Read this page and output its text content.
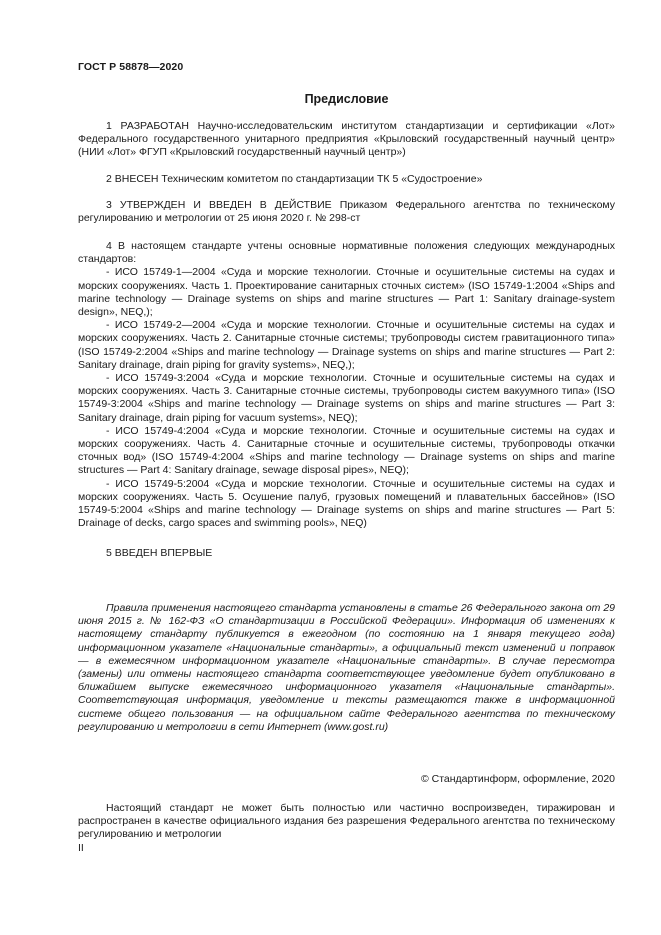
ГОСТ Р 58878—2020
Предисловие

1 РАЗРАБОТАН Научно-исследовательским институтом стандартизации и сертификации «Лот» Федерального государственного унитарного предприятия «Крыловский государственный научный центр» (НИИ «Лот» ФГУП «Крыловский государственный научный центр»)

2 ВНЕСЕН Техническим комитетом по стандартизации ТК 5 «Судостроение»

3 УТВЕРЖДЕН И ВВЕДЕН В ДЕЙСТВИЕ Приказом Федерального агентства по техническому регулированию и метрологии от 25 июня 2020 г. № 298-ст

4 В настоящем стандарте учтены основные нормативные положения следующих международных стандартов:

- ИСО 15749-1—2004 «Суда и морские технологии. Сточные и осушительные системы на судах и морских сооружениях. Часть 1. Проектирование санитарных сточных систем» (ISO 15749-1:2004 «Ships and marine technology — Drainage systems on ships and marine structures — Part 1: Sanitary drainage-system design», NEQ,);
- ИСО 15749-2—2004 «Суда и морские технологии. Сточные и осушительные системы на судах и морских сооружениях. Часть 2. Санитарные сточные системы; трубопроводы систем гравитационного типа» (ISO 15749-2:2004 «Ships and marine technology — Drainage systems on ships and marine structures — Part 2: Sanitary drainage, drain piping for gravity systems», NEQ,);
- ИСО 15749-3:2004 «Суда и морские технологии. Сточные и осушительные системы на судах и морских сооружениях. Часть 3. Санитарные сточные системы, трубопроводы систем вакуумного типа» (ISO 15749-3:2004 «Ships and marine technology — Drainage systems on ships and marine structures — Part 3: Sanitary drainage, drain piping for vacuum systems», NEQ);
- ИСО 15749-4:2004 «Суда и морские технологии. Сточные и осушительные системы на судах и морских сооружениях. Часть 4. Санитарные сточные и осушительные системы, трубопроводы откачки сточных вод» (ISO 15749-4:2004 «Ships and marine technology — Drainage systems on ships and marine structures — Part 4: Sanitary drainage, sewage disposal pipes», NEQ);
- ИСО 15749-5:2004 «Суда и морские технологии. Сточные и осушительные системы на судах и морских сооружениях. Часть 5. Осушение палуб, грузовых помещений и плавательных бассейнов» (ISO 15749-5:2004 «Ships and marine technology — Drainage systems on ships and marine structures — Part 5: Drainage of decks, cargo spaces and swimming pools», NEQ)

5 ВВЕДЕН ВПЕРВЫЕ

Правила применения настоящего стандарта установлены в статье 26 Федерального закона от 29 июня 2015 г. № 162-ФЗ «О стандартизации в Российской Федерации». Информация об изменениях к настоящему стандарту публикуется в ежегодном (по состоянию на 1 января текущего года) информационном указателе «Национальные стандарты», а официальный текст изменений и поправок — в ежемесячном информационном указателе «Национальные стандарты». В случае пересмотра (замены) или отмены настоящего стандарта соответствующее уведомление будет опубликовано в ближайшем выпуске ежемесячного информационного указателя «Национальные стандарты». Соответствующая информация, уведомление и тексты размещаются также в информационной системе общего пользования — на официальном сайте Федерального агентства по техническому регулированию и метрологии в сети Интернет (www.gost.ru)

© Стандартинформ, оформление, 2020

Настоящий стандарт не может быть полностью или частично воспроизведен, тиражирован и распространен в качестве официального издания без разрешения Федерального агентства по техническому регулированию и метрологии

II
